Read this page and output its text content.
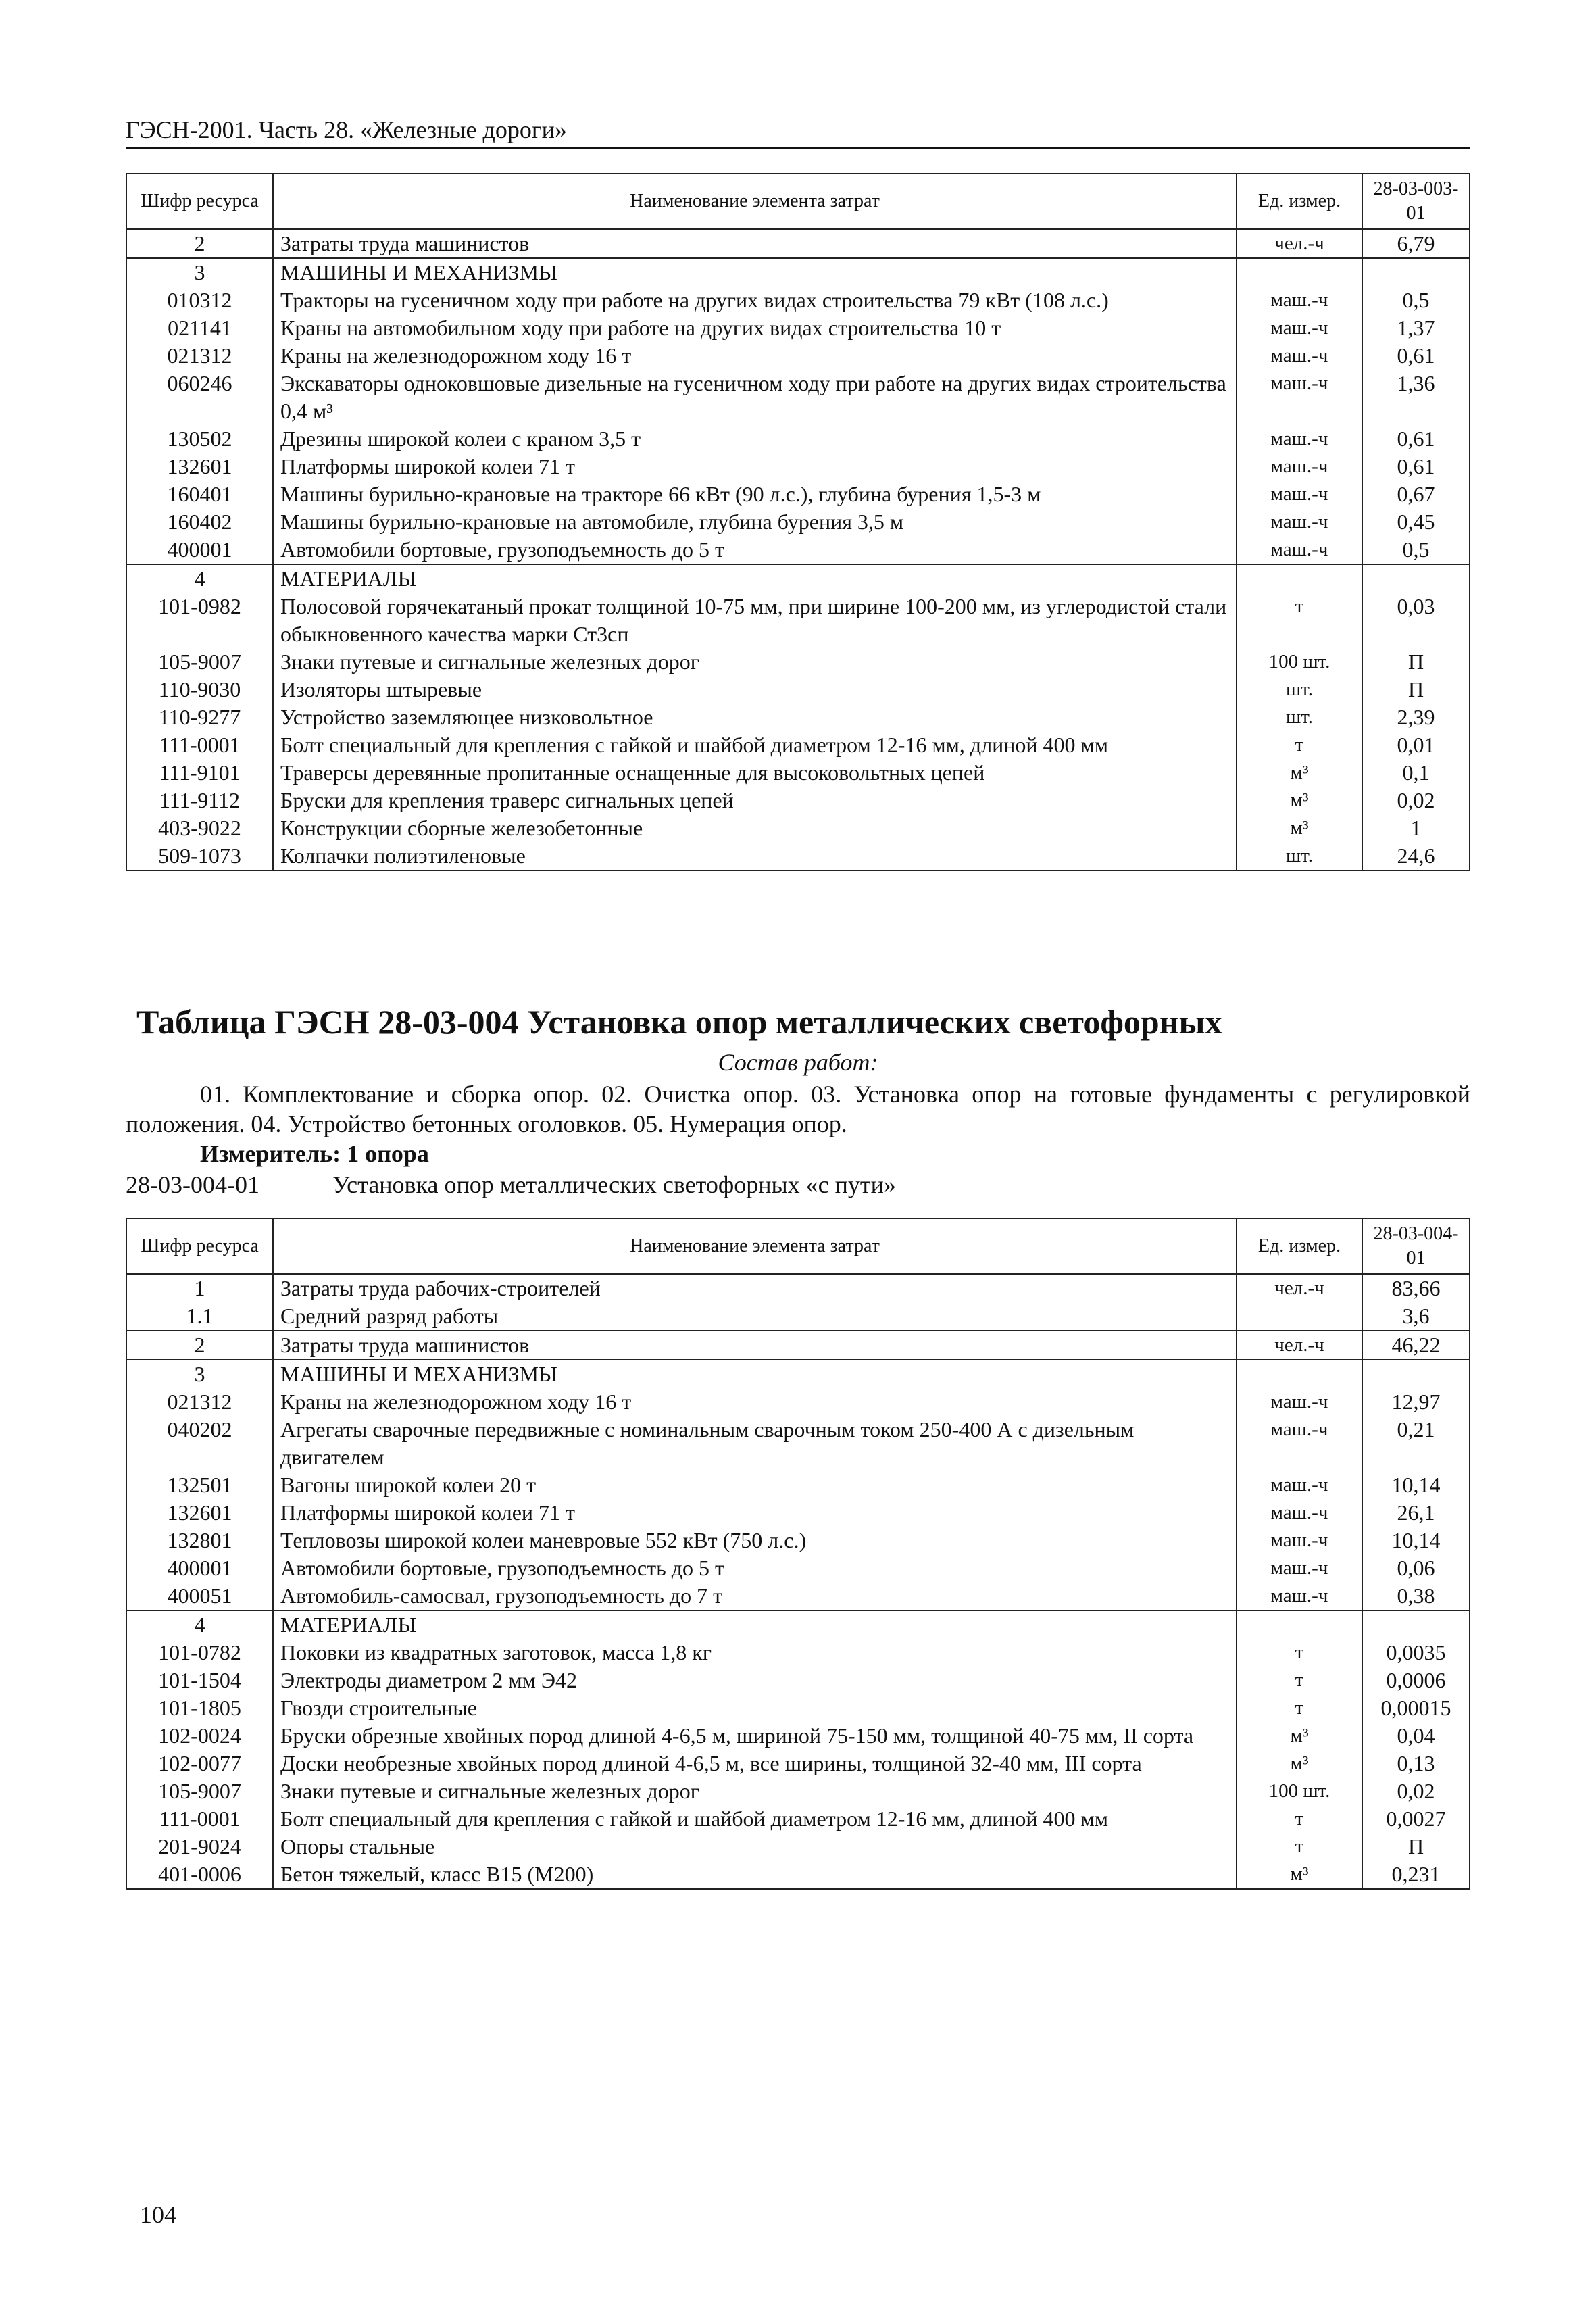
ГЭСН-2001. Часть 28. «Железные дороги»
Шифр ресурса	Наименование элемента затрат	Ед. измер.	28-03-003-01
2	Затраты труда машинистов	чел.-ч	6,79
3	МАШИНЫ И МЕХАНИЗМЫ		
010312	Тракторы на гусеничном ходу при работе на других видах строительства 79 кВт (108 л.с.)	маш.-ч	0,5
021141	Краны на автомобильном ходу при работе на других видах строительства 10 т	маш.-ч	1,37
021312	Краны на железнодорожном ходу 16 т	маш.-ч	0,61
060246	Экскаваторы одноковшовые дизельные на гусеничном ходу при работе на других видах строительства 0,4 м³	маш.-ч	1,36
130502	Дрезины широкой колеи с краном 3,5 т	маш.-ч	0,61
132601	Платформы широкой колеи 71 т	маш.-ч	0,61
160401	Машины бурильно-крановые на тракторе 66 кВт (90 л.с.), глубина бурения 1,5-3 м	маш.-ч	0,67
160402	Машины бурильно-крановые на автомобиле, глубина бурения 3,5 м	маш.-ч	0,45
400001	Автомобили бортовые, грузоподъемность до 5 т	маш.-ч	0,5
4	МАТЕРИАЛЫ		
101-0982	Полосовой горячекатаный прокат толщиной 10-75 мм, при ширине 100-200 мм, из углеродистой стали обыкновенного качества марки Ст3сп	т	0,03
105-9007	Знаки путевые и сигнальные железных дорог	100 шт.	П
110-9030	Изоляторы штыревые	шт.	П
110-9277	Устройство заземляющее низковольтное	шт.	2,39
111-0001	Болт специальный для крепления с гайкой и шайбой диаметром 12-16 мм, длиной 400 мм	т	0,01
111-9101	Траверсы деревянные пропитанные оснащенные для высоковольтных цепей	м³	0,1
111-9112	Бруски для крепления траверс сигнальных цепей	м³	0,02
403-9022	Конструкции сборные железобетонные	м³	1
509-1073	Колпачки полиэтиленовые	шт.	24,6
Таблица ГЭСН 28-03-004 Установка опор металлических светофорных
Состав работ:

01. Комплектование и сборка опор. 02. Очистка опор. 03. Установка опор на готовые фундаменты с регулировкой положения. 04. Устройство бетонных оголовков. 05. Нумерация опор.

Измеритель: 1 опора
28-03-004-01	Установка опор металлических светофорных «с пути»
Шифр ресурса	Наименование элемента затрат	Ед. измер.	28-03-004-01
1	Затраты труда рабочих-строителей	чел.-ч	83,66
1.1	Средний разряд работы		3,6
2	Затраты труда машинистов	чел.-ч	46,22
3	МАШИНЫ И МЕХАНИЗМЫ		
021312	Краны на железнодорожном ходу 16 т	маш.-ч	12,97
040202	Агрегаты сварочные передвижные с номинальным сварочным током 250-400 А с дизельным двигателем	маш.-ч	0,21
132501	Вагоны широкой колеи 20 т	маш.-ч	10,14
132601	Платформы широкой колеи 71 т	маш.-ч	26,1
132801	Тепловозы широкой колеи маневровые 552 кВт (750 л.с.)	маш.-ч	10,14
400001	Автомобили бортовые, грузоподъемность до 5 т	маш.-ч	0,06
400051	Автомобиль-самосвал, грузоподъемность до 7 т	маш.-ч	0,38
4	МАТЕРИАЛЫ		
101-0782	Поковки из квадратных заготовок, масса 1,8 кг	т	0,0035
101-1504	Электроды диаметром 2 мм Э42	т	0,0006
101-1805	Гвозди строительные	т	0,00015
102-0024	Бруски обрезные хвойных пород длиной 4-6,5 м, шириной 75-150 мм, толщиной 40-75 мм, II сорта	м³	0,04
102-0077	Доски необрезные хвойных пород длиной 4-6,5 м, все ширины, толщиной 32-40 мм, III сорта	м³	0,13
105-9007	Знаки путевые и сигнальные железных дорог	100 шт.	0,02
111-0001	Болт специальный для крепления с гайкой и шайбой диаметром 12-16 мм, длиной 400 мм	т	0,0027
201-9024	Опоры стальные	т	П
401-0006	Бетон тяжелый, класс В15 (М200)	м³	0,231
104
